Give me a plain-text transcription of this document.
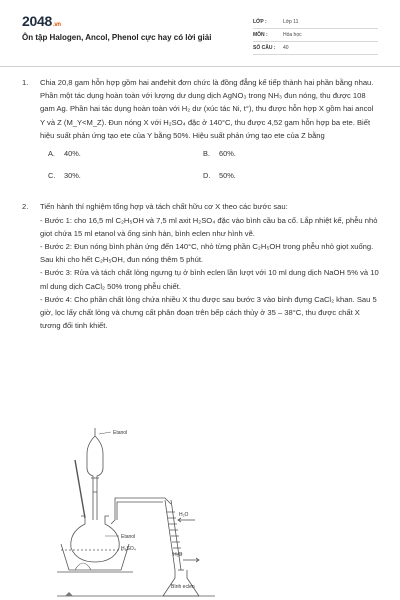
2048.vn
Ôn tập Halogen, Ancol, Phenol cực hay có lời giải
LỚP :	Lớp 11
MÔN :	Hóa học
SỐ CÂU :	40
1.	Chia 20,8 gam hỗn hợp gồm hai anđehit đơn chức là đồng đẳng kế tiếp thành hai phần bằng nhau. Phần một tác dụng hoàn toàn với lượng dư dung dịch AgNO₃ trong NH₃ đun nóng, thu được 108 gam Ag. Phần hai tác dụng hoàn toàn với H₂ dư (xúc tác Ni, t°), thu được hỗn hợp X gồm hai ancol Y và Z (M_Y<M_Z). Đun nóng X với H₂SO₄ đặc ở 140°C, thu được 4,52 gam hỗn hợp ba ete. Biết hiệu suất phản ứng tạo ete của Y bằng 50%. Hiệu suất phản ứng tạo ete của Z bằng

A. 40%.	B. 60%.
C. 30%.	D. 50%.
2.	Tiến hành thí nghiệm tổng hợp và tách chất hữu cơ X theo các bước sau:

- Bước 1: cho 16,5 ml C₂H₅OH và 7,5 ml axit H₂SO₄ đặc vào bình cầu ba cổ. Lắp nhiệt kế, phễu nhỏ giọt chứa 15 ml etanol và ống sinh hàn, bình eclen như hình vẽ.

- Bước 2: Đun nóng bình phản ứng đến 140°C, nhỏ từng phần C₂H₅OH trong phễu nhỏ giọt xuống. Sau khi cho hết C₂H₅OH, đun nóng thêm 5 phút.

- Bước 3: Rửa và tách chất lỏng ngưng tụ ở bình eclen lần lượt với 10 ml dung dịch NaOH 5% và 10 ml dung dịch CaCl₂ 50% trong phễu chiết.

- Bước 4: Cho phần chất lỏng chứa nhiều X thu được sau bước 3 vào bình đựng CaCl₂ khan. Sau 5 giờ, lọc lấy chất lỏng và chưng cất phân đoạn trên bếp cách thủy ở 35 – 38°C, thu được chất X tương đối tinh khiết.

Etanol
Etanol
H₂SO₄
H₂O
H₂O
Bình eclen
